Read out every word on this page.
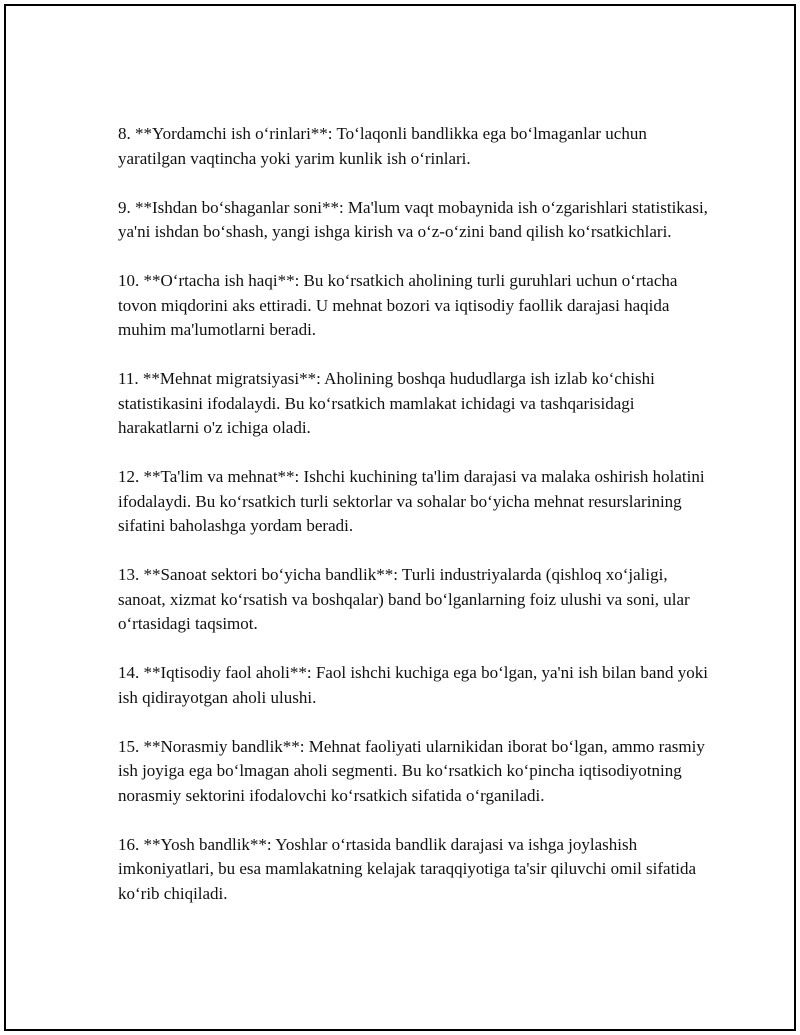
8. **Yordamchi ish o‘rinlari**: To‘laqonli bandlikka ega bo‘lmaganlar uchun yaratilgan vaqtincha yoki yarim kunlik ish o‘rinlari.

9. **Ishdan bo‘shaganlar soni**: Ma'lum vaqt mobaynida ish o‘zgarishlari statistikasi, ya'ni ishdan bo‘shash, yangi ishga kirish va o‘z-o‘zini band qilish ko‘rsatkichlari.

10. **O‘rtacha ish haqi**: Bu ko‘rsatkich aholining turli guruhlari uchun o‘rtacha tovon miqdorini aks ettiradi. U mehnat bozori va iqtisodiy faollik darajasi haqida muhim ma'lumotlarni beradi.

11. **Mehnat migratsiyasi**: Aholining boshqa hududlarga ish izlab ko‘chishi statistikasini ifodalaydi. Bu ko‘rsatkich mamlakat ichidagi va tashqarisidagi harakatlarni o'z ichiga oladi.

12. **Ta'lim va mehnat**: Ishchi kuchining ta'lim darajasi va malaka oshirish holatini ifodalaydi. Bu ko‘rsatkich turli sektorlar va sohalar bo‘yicha mehnat resurslarining sifatini baholashga yordam beradi.

13. **Sanoat sektori bo‘yicha bandlik**: Turli industriyalarda (qishloq xo‘jaligi, sanoat, xizmat ko‘rsatish va boshqalar) band bo‘lganlarning foiz ulushi va soni, ular o‘rtasidagi taqsimot.

14. **Iqtisodiy faol aholi**: Faol ishchi kuchiga ega bo‘lgan, ya'ni ish bilan band yoki ish qidirayotgan aholi ulushi.

15. **Norasmiy bandlik**: Mehnat faoliyati ularnikidan iborat bo‘lgan, ammo rasmiy ish joyiga ega bo‘lmagan aholi segmenti. Bu ko‘rsatkich ko‘pincha iqtisodiyotning norasmiy sektorini ifodalovchi ko‘rsatkich sifatida o‘rganiladi.

16. **Yosh bandlik**: Yoshlar o‘rtasida bandlik darajasi va ishga joylashish imkoniyatlari, bu esa mamlakatning kelajak taraqqiyotiga ta'sir qiluvchi omil sifatida ko‘rib chiqiladi.
